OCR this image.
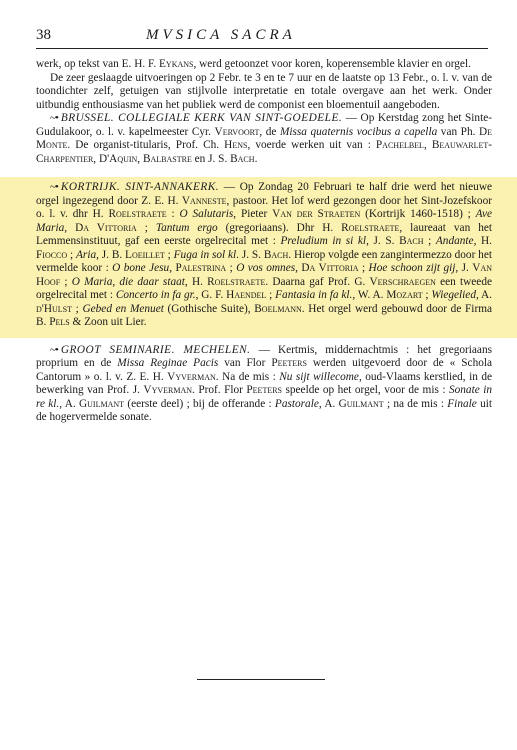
38	MVSICA SACRA

werk, op tekst van E. H. F. Eykans, werd getoonzet voor koren, koperensemble klavier en orgel.

De zeer geslaagde uitvoeringen op 2 Febr. te 3 en te 7 uur en de laatste op 13 Febr., o. l. v. van de toondichter zelf, getuigen van stijlvolle interpretatie en totale overgave aan het werk. Onder uitbundig enthousiasme van het publiek werd de componist een bloementuil aangeboden.

~• BRUSSEL. COLLEGIALE KERK VAN SINT-GOEDELE. — Op Kerstdag zong het Sinte-Gudulakoor, o. l. v. kapelmeester Cyr. Vervoort, de Missa quaternis vocibus a capella van Ph. De Monte. De organist-titularis, Prof. Ch. Hens, voerde werken uit van : Pachelbel, Beauwarlet-Charpentier, D'Aquin, Balbastre en J. S. Bach.

~• KORTRIJK. SINT-ANNAKERK. — Op Zondag 20 Februari te half drie werd het nieuwe orgel ingezegend door Z. E. H. Vanneste, pastoor. Het lof werd gezongen door het Sint-Jozefskoor o. l. v. dhr H. Roelstraete : O Salutaris, Pieter Van der Straeten (Kortrijk 1460-1518) ; Ave Maria, Da Vittoria ; Tantum ergo (gregoriaans). Dhr H. Roelstraete, laureaat van het Lemmensinstituut, gaf een eerste orgelrecital met : Preludium in si kl, J. S. Bach ; Andante, H. Fiocco ; Aria, J. B. Loeillet ; Fuga in sol kl. J. S. Bach. Hierop volgde een zangintermezzo door het vermelde koor : O bone Jesu, Palestrina ; O vos omnes, Da Vittoria ; Hoe schoon zijt gij, J. Van Hoof ; O Maria, die daar staat, H. Roelstraete. Daarna gaf Prof. G. Verschraegen een tweede orgelrecital met : Concerto in fa gr., G. F. Haendel ; Fantasia in fa kl., W. A. Mozart ; Wiegelied, A. d'Hulst ; Gebed en Menuet (Gothische Suite), Boelmann. Het orgel werd gebouwd door de Firma B. Pels & Zoon uit Lier.

~• GROOT SEMINARIE. MECHELEN. — Kertmis, middernachtmis : het gregoriaans proprium en de Missa Reginae Pacis van Flor Peeters werden uitgevoerd door de « Schola Cantorum » o. l. v. Z. E. H. Vyverman. Na de mis : Nu sijt willecome, oud-Vlaams kerstlied, in de bewerking van Prof. J. Vyverman. Prof. Flor Peeters speelde op het orgel, voor de mis : Sonate in re kl., A. Guilmant (eerste deel) ; bij de offerande : Pastorale, A. Guilmant ; na de mis : Finale uit de hogervermelde sonate.
